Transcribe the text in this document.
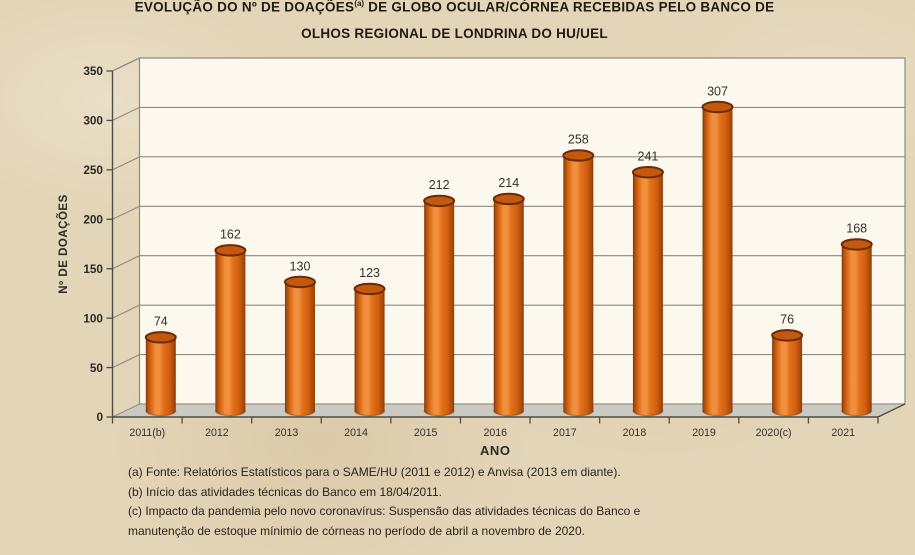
EVOLUÇÃO DO Nº DE DOAÇÕES$^{(a)}$ DE GLOBO OCULAR/CÓRNEA RECEBIDAS PELO BANCO DE
OLHOS REGIONAL DE LONDRINA DO HU/UEL
0
50
100
150
200
250
300
350
74
2011(b)
162
2012
130
2013
123
2014
212
2015
214
2016
258
2017
241
2018
307
2019
76
2020(c)
168
2021
Nº DE DOAÇÕES
ANO
(a) Fonte: Relatórios Estatísticos para o SAME/HU (2011 e 2012) e Anvisa (2013 em diante).
(b) Início das atividades técnicas do Banco em 18/04/2011.
(c) Impacto da pandemia pelo novo coronavírus: Suspensão das atividades técnicas do Banco e
manutenção de estoque mínimio de córneas no período de abril a novembro de 2020.
